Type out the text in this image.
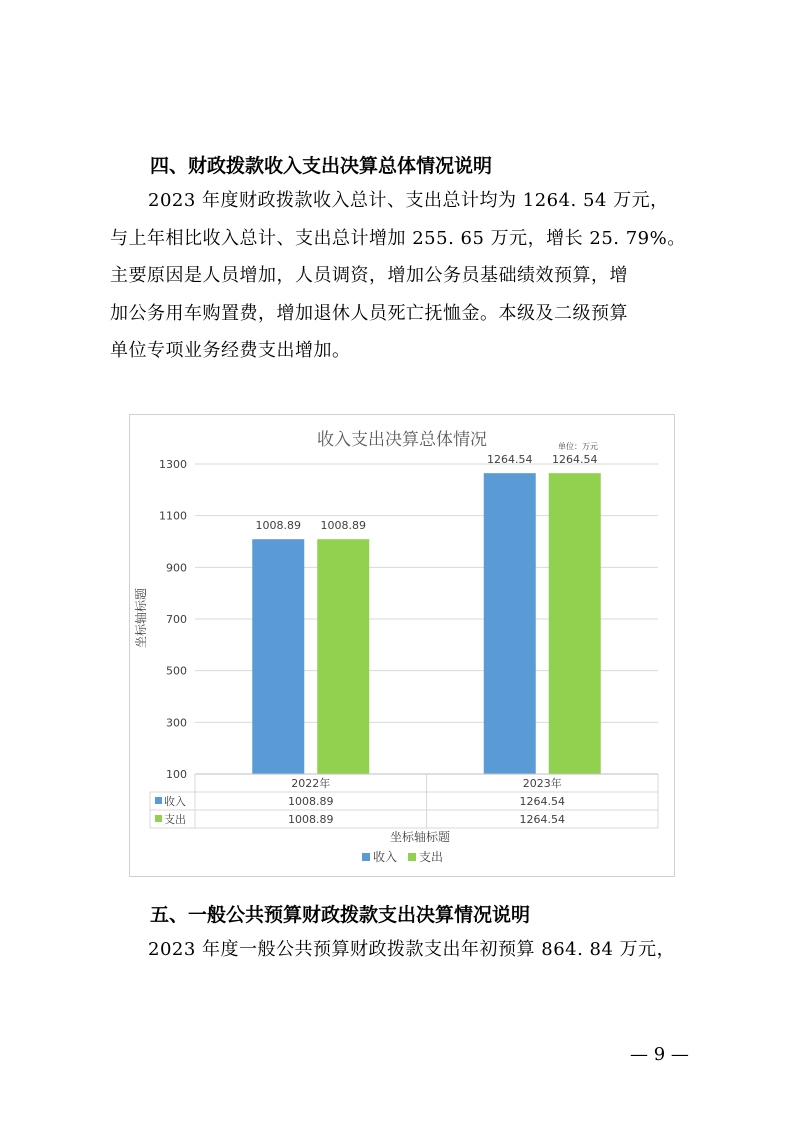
四、财政拨款收入支出决算总体情况说明
2023 年度财政拨款收入总计、支出总计均为 1264. 54 万元，
与上年相比收入总计、支出总计增加 255. 65 万元，增长 25. 79%。
主要原因是人员增加，人员调资，增加公务员基础绩效预算，增
加公务用车购置费，增加退休人员死亡抚恤金。本级及二级预算
单位专项业务经费支出增加。
收入支出决算总体情况	单位：万元
坐标轴标题
100
300
500
700
900
1100
1300
1008.89 1008.89
1264.54 1264.54
2022年	2023年
收入	1008.89	1264.54
支出	1008.89	1264.54
坐标轴标题
收入 支出
五、一般公共预算财政拨款支出决算情况说明
2023 年度一般公共预算财政拨款支出年初预算 864. 84 万元，
— 9 —
